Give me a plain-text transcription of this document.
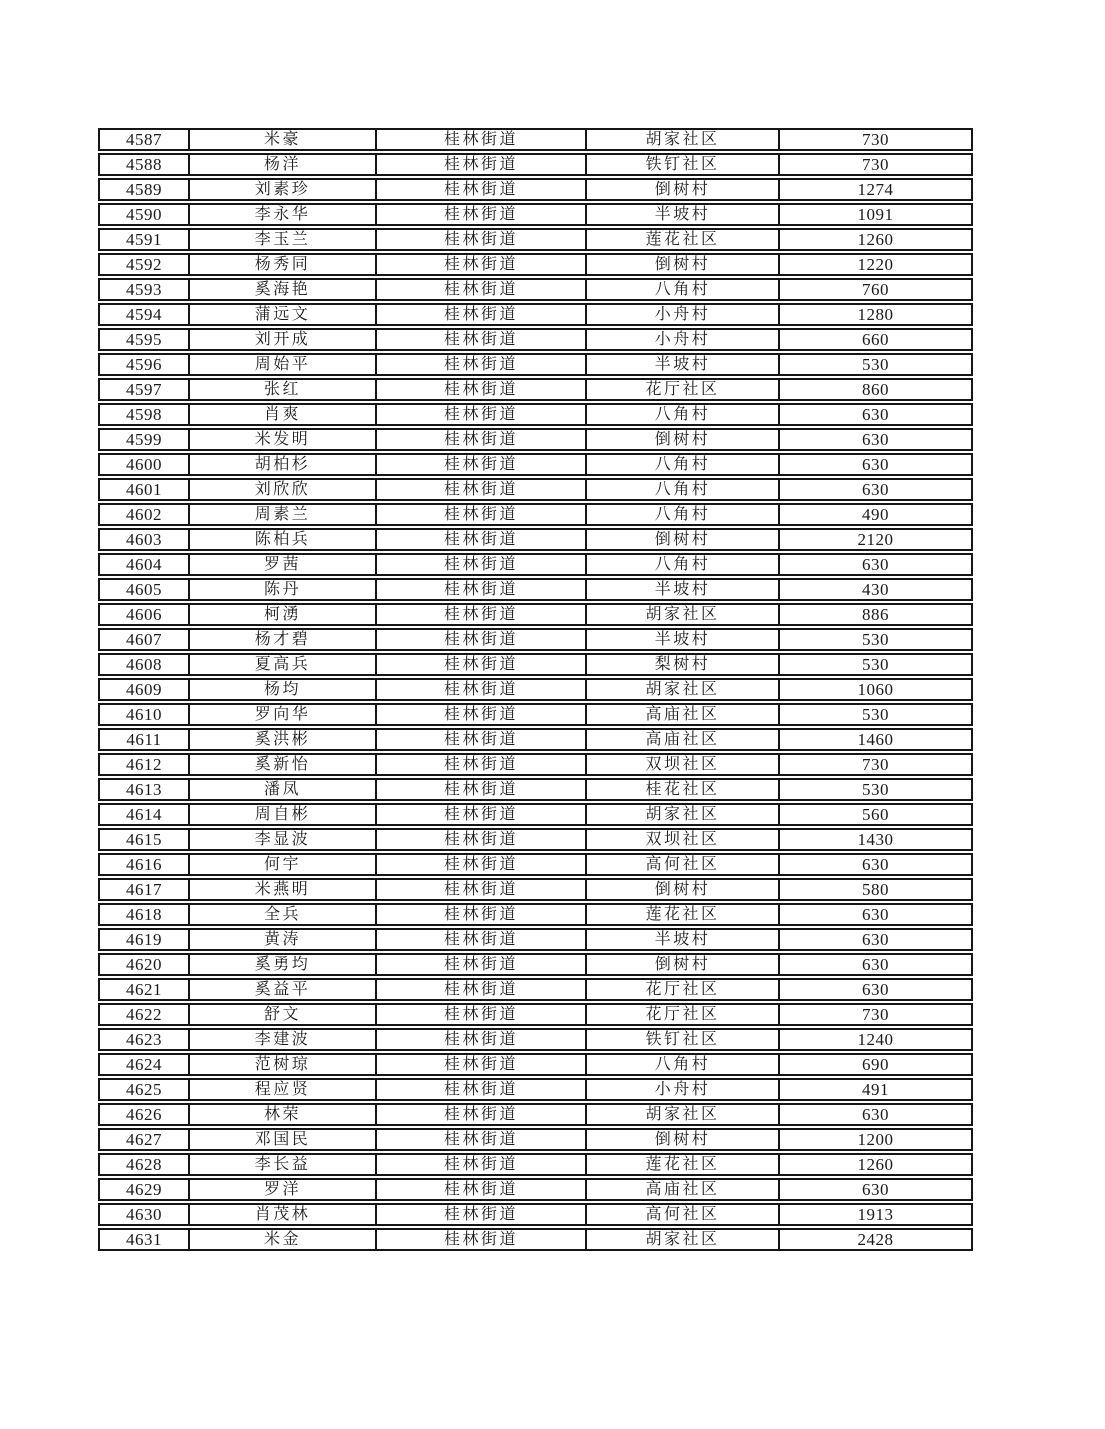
4587	米豪	桂林街道	胡家社区	730
4588	杨洋	桂林街道	铁钉社区	730
4589	刘素珍	桂林街道	倒树村	1274
4590	李永华	桂林街道	半坡村	1091
4591	李玉兰	桂林街道	莲花社区	1260
4592	杨秀同	桂林街道	倒树村	1220
4593	奚海艳	桂林街道	八角村	760
4594	蒲远文	桂林街道	小舟村	1280
4595	刘开成	桂林街道	小舟村	660
4596	周始平	桂林街道	半坡村	530
4597	张红	桂林街道	花厅社区	860
4598	肖爽	桂林街道	八角村	630
4599	米发明	桂林街道	倒树村	630
4600	胡柏杉	桂林街道	八角村	630
4601	刘欣欣	桂林街道	八角村	630
4602	周素兰	桂林街道	八角村	490
4603	陈柏兵	桂林街道	倒树村	2120
4604	罗茜	桂林街道	八角村	630
4605	陈丹	桂林街道	半坡村	430
4606	柯湧	桂林街道	胡家社区	886
4607	杨才碧	桂林街道	半坡村	530
4608	夏高兵	桂林街道	梨树村	530
4609	杨均	桂林街道	胡家社区	1060
4610	罗向华	桂林街道	高庙社区	530
4611	奚洪彬	桂林街道	高庙社区	1460
4612	奚新怡	桂林街道	双坝社区	730
4613	潘凤	桂林街道	桂花社区	530
4614	周自彬	桂林街道	胡家社区	560
4615	李显波	桂林街道	双坝社区	1430
4616	何宇	桂林街道	高何社区	630
4617	米燕明	桂林街道	倒树村	580
4618	全兵	桂林街道	莲花社区	630
4619	黄涛	桂林街道	半坡村	630
4620	奚勇均	桂林街道	倒树村	630
4621	奚益平	桂林街道	花厅社区	630
4622	舒文	桂林街道	花厅社区	730
4623	李建波	桂林街道	铁钉社区	1240
4624	范树琼	桂林街道	八角村	690
4625	程应贤	桂林街道	小舟村	491
4626	林荣	桂林街道	胡家社区	630
4627	邓国民	桂林街道	倒树村	1200
4628	李长益	桂林街道	莲花社区	1260
4629	罗洋	桂林街道	高庙社区	630
4630	肖茂林	桂林街道	高何社区	1913
4631	米金	桂林街道	胡家社区	2428
